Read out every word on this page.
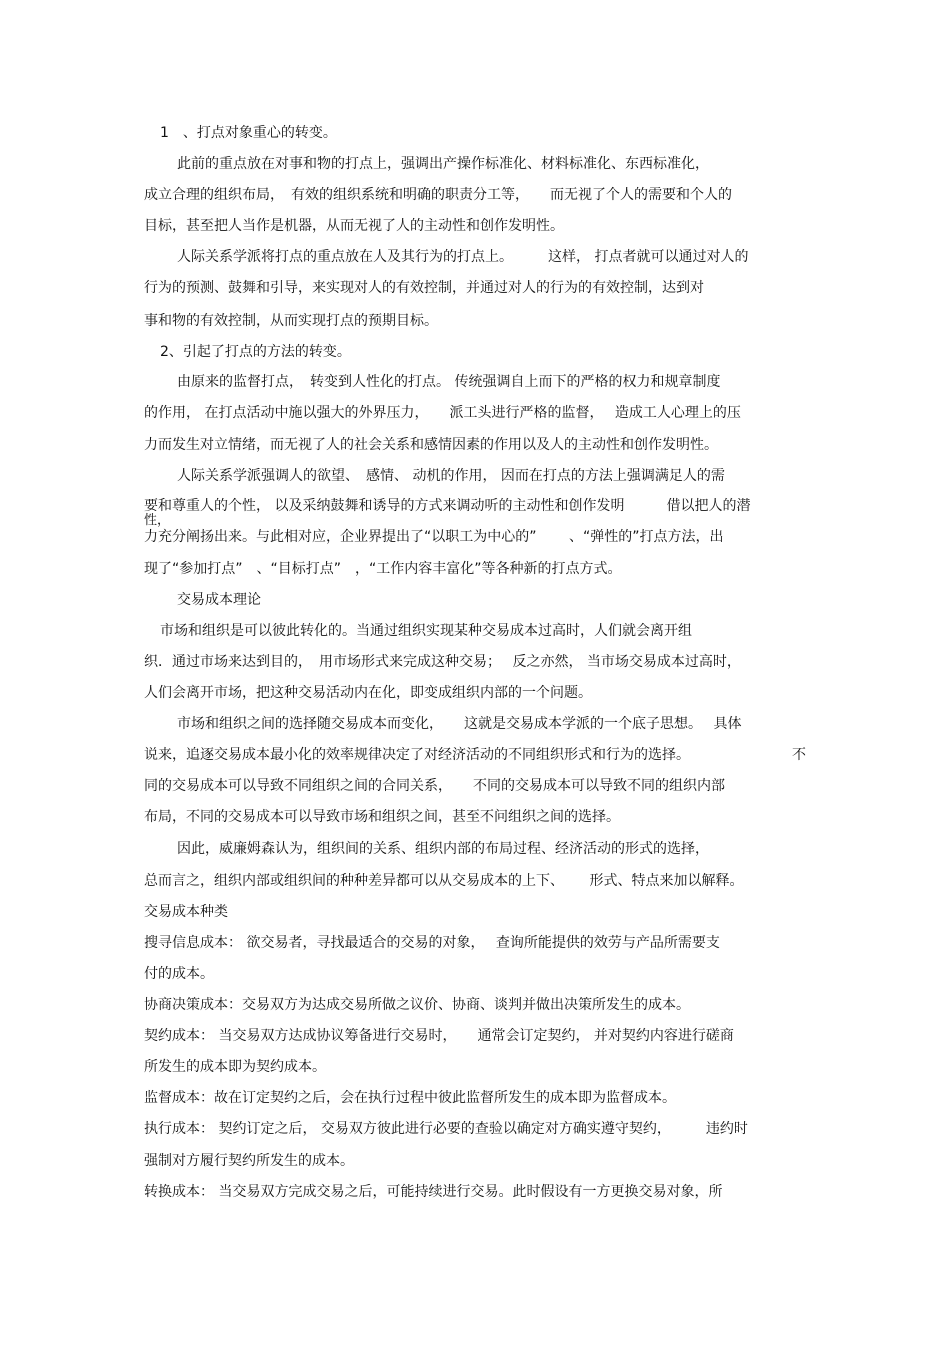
1　、打点对象重心的转变。
此前的重点放在对事和物的打点上，强调出产操作标准化、材料标准化、东西标准化，
成立合理的组织布局，　有效的组织系统和明确的职责分工等，　　而无视了个人的需要和个人的
目标，甚至把人当作是机器，从而无视了人的主动性和创作发明性。
人际关系学派将打点的重点放在人及其行为的打点上。　　　这样， 打点者就可以通过对人的
行为的预测、鼓舞和引导，来实现对人的有效控制，并通过对人的行为的有效控制，达到对
事和物的有效控制，从而实现打点的预期目标。
2、引起了打点的方法的转变。
由原来的监督打点，　转变到人性化的打点。 传统强调自上而下的严格的权力和规章制度
的作用， 在打点活动中施以强大的外界压力，　　派工头进行严格的监督，　 造成工人心理上的压
力而发生对立情绪，而无视了人的社会关系和感情因素的作用以及人的主动性和创作发明性。
人际关系学派强调人的欲望、　感情、 动机的作用， 因而在打点的方法上强调满足人的需
要和尊重人的个性， 以及采纳鼓舞和诱导的方式来调动听的主动性和创作发明　　　借以把人的潜
性，
力充分阐扬出来。与此相对应，企业界提出了“以职工为中心的”　　 、“弹性的”打点方法，出
现了“参加打点”　、“目标打点”　，“工作内容丰富化”等各种新的打点方式。
交易成本理论
市场和组织是可以彼此转化的。当通过组织实现某种交易成本过高时，人们就会离开组
织．通过市场来达到目的，　用市场形式来完成这种交易；　 反之亦然， 当市场交易成本过高时，
人们会离开市场，把这种交易活动内在化，即变成组织内部的一个问题。
市场和组织之间的选择随交易成本而变化，　　这就是交易成本学派的一个底子思想。　 具体
说来，追逐交易成本最小化的效率规律决定了对经济活动的不同组织形式和行为的选择。	不
同的交易成本可以导致不同组织之间的合同关系，　　不同的交易成本可以导致不同的组织内部
布局，不同的交易成本可以导致市场和组织之间，甚至不问组织之间的选择。
因此，威廉姆森认为，组织间的关系、组织内部的布局过程、经济活动的形式的选择，
总而言之，组织内部或组织间的种种差异都可以从交易成本的上下、　　 形式、特点来加以解释。
交易成本种类
搜寻信息成本： 欲交易者，寻找最适合的交易的对象，　 查询所能提供的效劳与产品所需要支
付的成本。
协商决策成本：交易双方为达成交易所做之议价、协商、谈判并做出决策所发生的成本。
契约成本： 当交易双方达成协议筹备进行交易时，　　通常会订定契约， 并对契约内容进行磋商
所发生的成本即为契约成本。
监督成本：故在订定契约之后，会在执行过程中彼此监督所发生的成本即为监督成本。
执行成本： 契约订定之后， 交易双方彼此进行必要的查验以确定对方确实遵守契约，　　　违约时
强制对方履行契约所发生的成本。
转换成本： 当交易双方完成交易之后，可能持续进行交易。此时假设有一方更换交易对象，所
